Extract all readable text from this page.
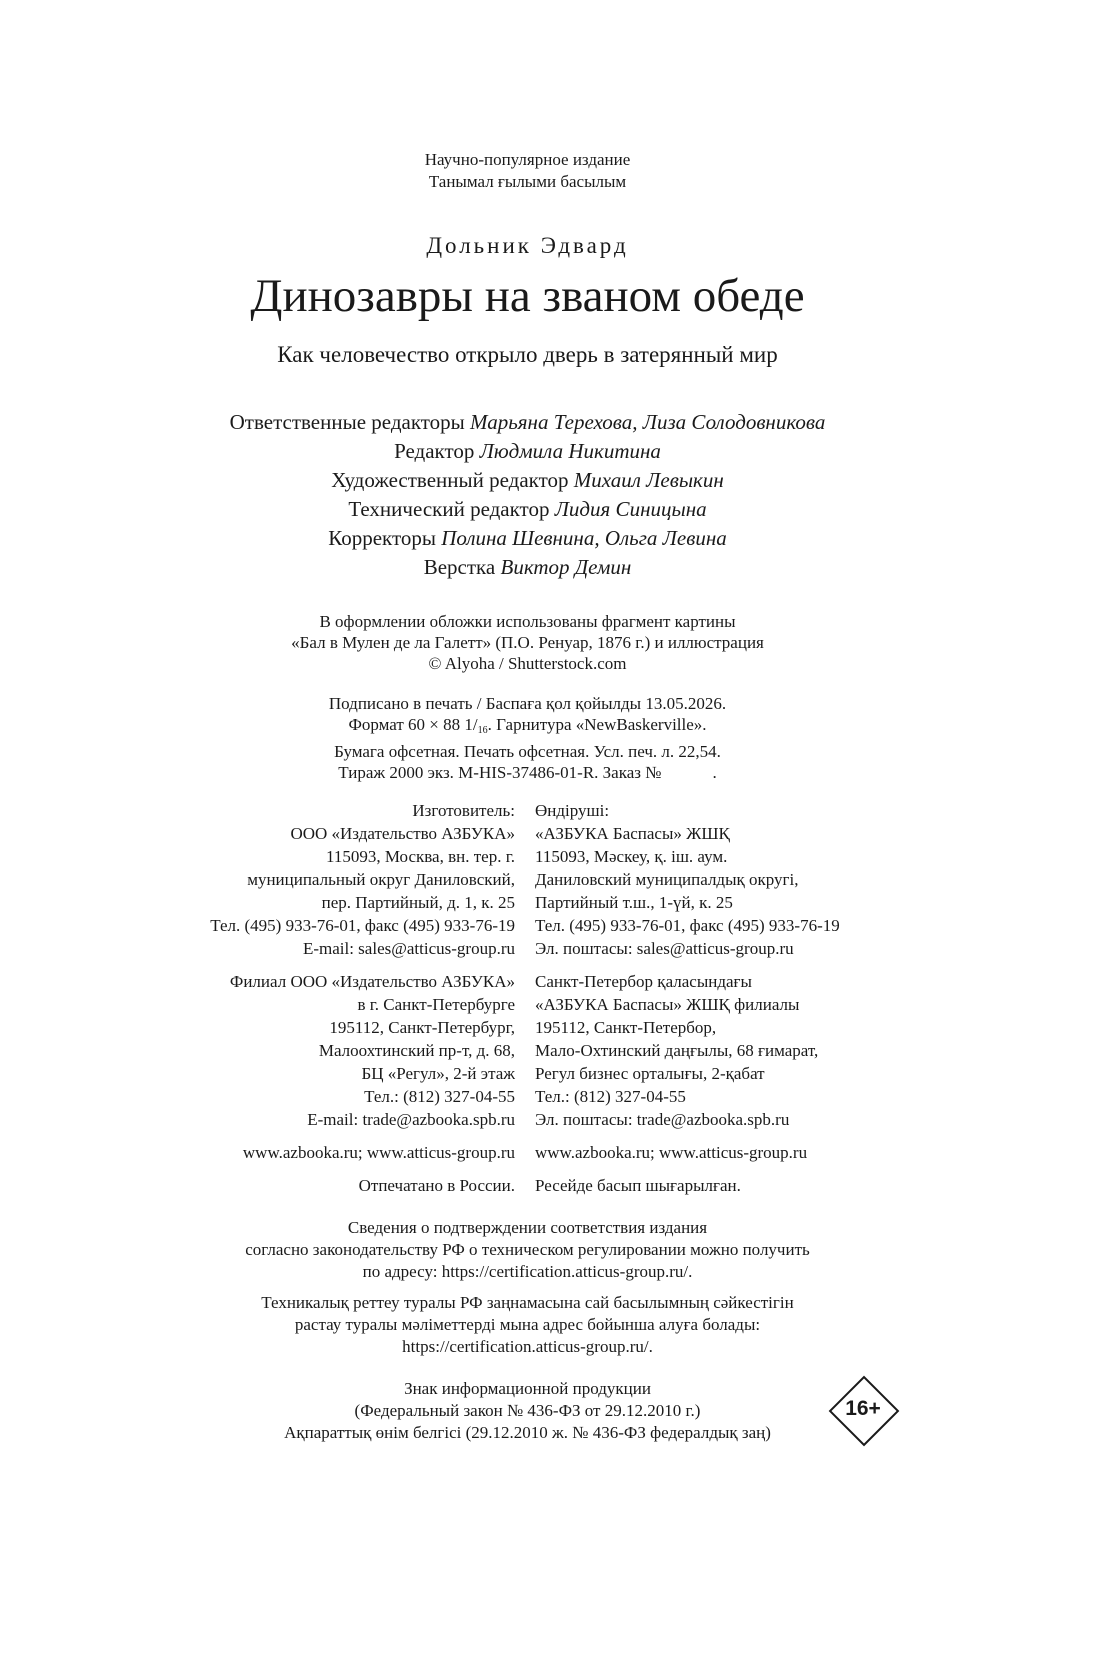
Научно-популярное издание
Танымал ғылыми басылым
Дольник Эдвард
Динозавры на званом обеде
Как человечество открыло дверь в затерянный мир
Ответственные редакторы Марьяна Терехова, Лиза Солодовникова
Редактор Людмила Никитина
Художественный редактор Михаил Левыкин
Технический редактор Лидия Синицына
Корректоры Полина Шевнина, Ольга Левина
Верстка Виктор Демин
В оформлении обложки использованы фрагмент картины
«Бал в Мулен де ла Галетт» (П.О. Ренуар, 1876 г.) и иллюстрация
© Alyoha / Shutterstock.com
Подписано в печать / Баспаға қол қойылды 13.05.2026.
Формат 60 × 88 $1/_{16}$. Гарнитура «NewBaskerville».
Бумага офсетная. Печать офсетная. Усл. печ. л. 22,54.
Тираж 2000 экз. M-HIS-37486-01-R. Заказ №            .
Изготовитель:
ООО «Издательство АЗБУКА»
115093, Москва, вн. тер. г.
муниципальный округ Даниловский,
пер. Партийный, д. 1, к. 25
Тел. (495) 933-76-01, факс (495) 933-76-19
E-mail: sales@atticus-group.ru
Филиал ООО «Издательство АЗБУКА»
в г. Санкт-Петербурге
195112, Санкт-Петербург,
Малоохтинский пр-т, д. 68,
БЦ «Регул», 2-й этаж
Тел.: (812) 327-04-55
E-mail: trade@azbooka.spb.ru
www.azbooka.ru; www.atticus-group.ru
Отпечатано в России.
Өндіруші:
«АЗБУКА Баспасы» ЖШҚ
115093, Мәскеу, қ. іш. аум.
Даниловский муниципалдық округі,
Партийный т.ш., 1-үй, к. 25
Тел. (495) 933-76-01, факс (495) 933-76-19
Эл. поштасы: sales@atticus-group.ru
Санкт-Петербор қаласындағы
«АЗБУКА Баспасы» ЖШҚ филиалы
195112, Санкт-Петербор,
Мало-Охтинский даңғылы, 68 ғимарат,
Регул бизнес орталығы, 2-қабат
Тел.: (812) 327-04-55
Эл. поштасы: trade@azbooka.spb.ru
www.azbooka.ru; www.atticus-group.ru
Ресейде басып шығарылған.
Сведения о подтверждении соответствия издания
согласно законодательству РФ о техническом регулировании можно получить
по адресу: https://certification.atticus-group.ru/.
Техникалық реттеу туралы РФ заңнамасына сай басылымның сәйкестігін
растау туралы мәліметтерді мына адрес бойынша алуға болады:
https://certification.atticus-group.ru/.
Знак информационной продукции
(Федеральный закон № 436-ФЗ от 29.12.2010 г.)
Ақпараттық өнім белгісі (29.12.2010 ж. № 436-ФЗ федералдық заң)
16+
